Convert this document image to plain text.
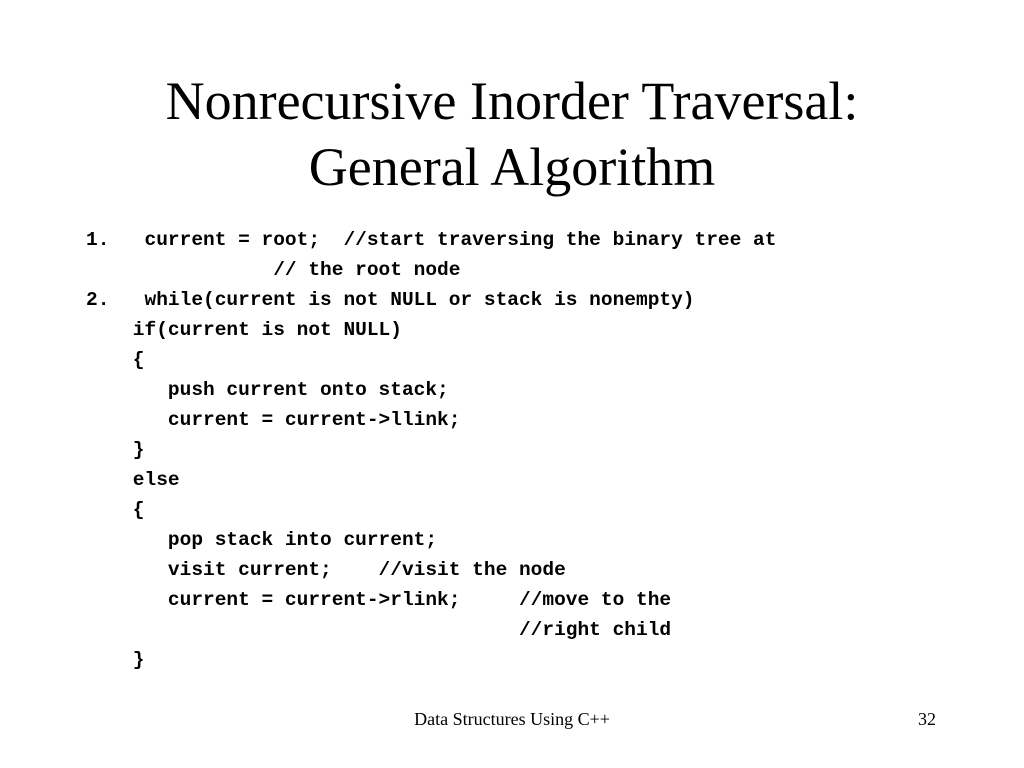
Nonrecursive Inorder Traversal:
General Algorithm
1.   current = root;  //start traversing the binary tree at
// the root node
2.   while(current is not NULL or stack is nonempty)
if(current is not NULL)
{
push current onto stack;
current = current->llink;
}
else
{
pop stack into current;
visit current;    //visit the node
current = current->rlink;     //move to the
//right child
}
Data Structures Using C++	32
